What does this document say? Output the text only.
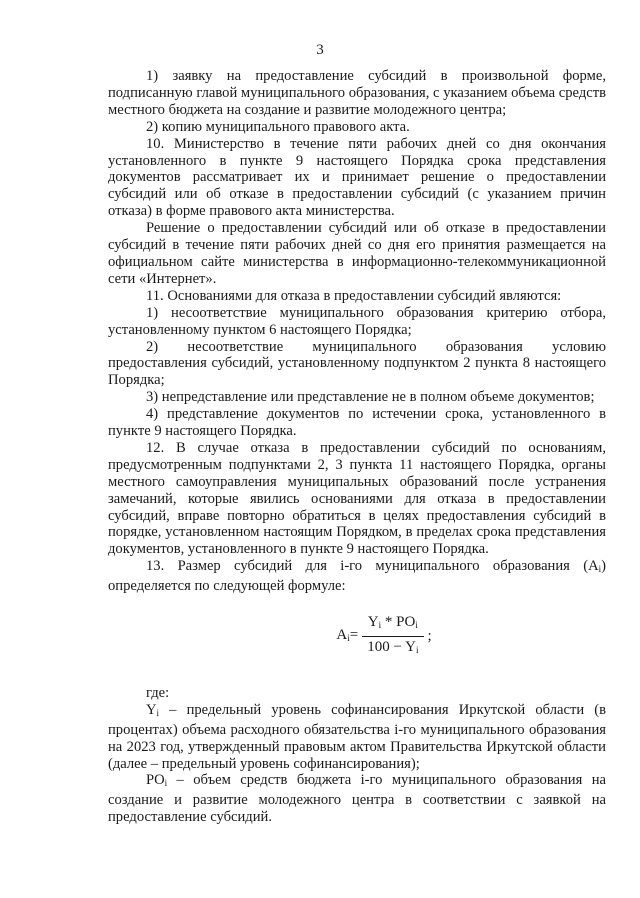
3

1) заявку на предоставление субсидий в произвольной форме, подписанную главой муниципального образования, с указанием объема средств местного бюджета на создание и развитие молодежного центра;

2) копию муниципального правового акта.

10. Министерство в течение пяти рабочих дней со дня окончания установленного в пункте 9 настоящего Порядка срока представления документов рассматривает их и принимает решение о предоставлении субсидий или об отказе в предоставлении субсидий (с указанием причин отказа) в форме правового акта министерства.

Решение о предоставлении субсидий или об отказе в предоставлении субсидий в течение пяти рабочих дней со дня его принятия размещается на официальном сайте министерства в информационно-телекоммуникационной сети «Интернет».

11. Основаниями для отказа в предоставлении субсидий являются:

1) несоответствие муниципального образования критерию отбора, установленному пунктом 6 настоящего Порядка;

2) несоответствие муниципального образования условию предоставления субсидий, установленному подпунктом 2 пункта 8 настоящего Порядка;

3) непредставление или представление не в полном объеме документов;

4) представление документов по истечении срока, установленного в пункте 9 настоящего Порядка.

12. В случае отказа в предоставлении субсидий по основаниям, предусмотренным подпунктами 2, 3 пункта 11 настоящего Порядка, органы местного самоуправления муниципальных образований после устранения замечаний, которые явились основаниями для отказа в предоставлении субсидий, вправе повторно обратиться в целях предоставления субсидий в порядке, установленном настоящим Порядком, в пределах срока представления документов, установленного в пункте 9 настоящего Порядка.

13. Размер субсидий для i-го муниципального образования $(A_i)$ определяется по следующей формуле:

$A_i= \frac{Y_i * PO_i}{100 - Y_i}$ ;

где:

$Y_i$ – предельный уровень софинансирования Иркутской области (в процентах) объема расходного обязательства i-го муниципального образования на 2023 год, утвержденный правовым актом Правительства Иркутской области (далее – предельный уровень софинансирования);

$PO_i$ – объем средств бюджета i-го муниципального образования на создание и развитие молодежного центра в соответствии с заявкой на предоставление субсидий.
